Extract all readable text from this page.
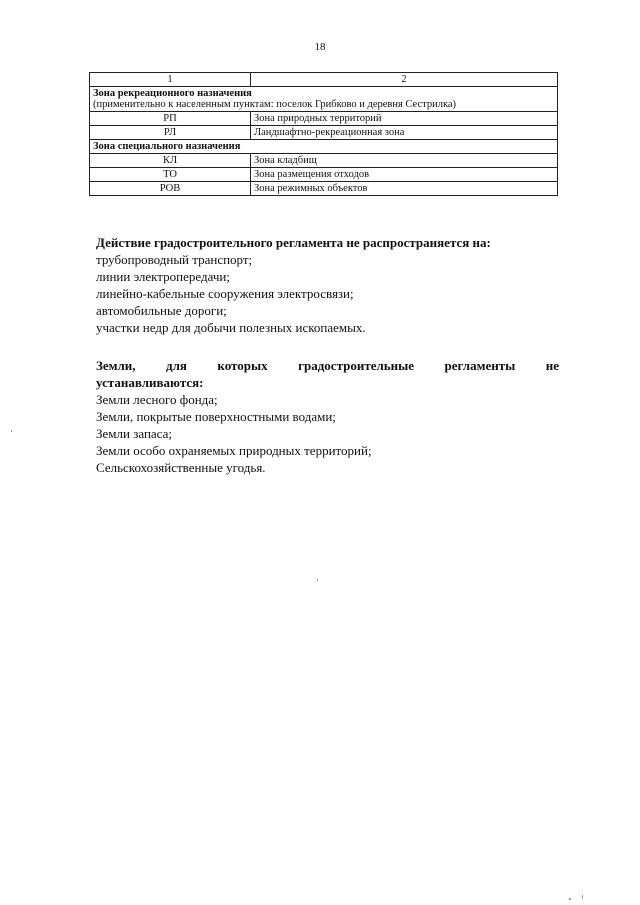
18
1	2

Зона рекреационного назначения
(применительно к населенным пунктам: поселок Грибково и деревня Сестрилка)	

РП	Зона природных территорий
РЛ	Ландшафтно-рекреационная зона
Зона специального назначения	
КЛ	Зона кладбищ
ТО	Зона размещения отходов
РОВ	Зона режимных объектов

Действие градостроительного регламента не распространяется на:

трубопроводный транспорт;

линии электропередачи;

линейно-кабельные сооружения электросвязи;

автомобильные дороги;

участки недр для добычи полезных ископаемых.

Земли, для которых градостроительные регламенты не

устанавливаются:

Земли лесного фонда;

Земли, покрытые поверхностными водами;

Земли запаса;

Земли особо охраняемых природных территорий;

Сельскохозяйственные угодья.
